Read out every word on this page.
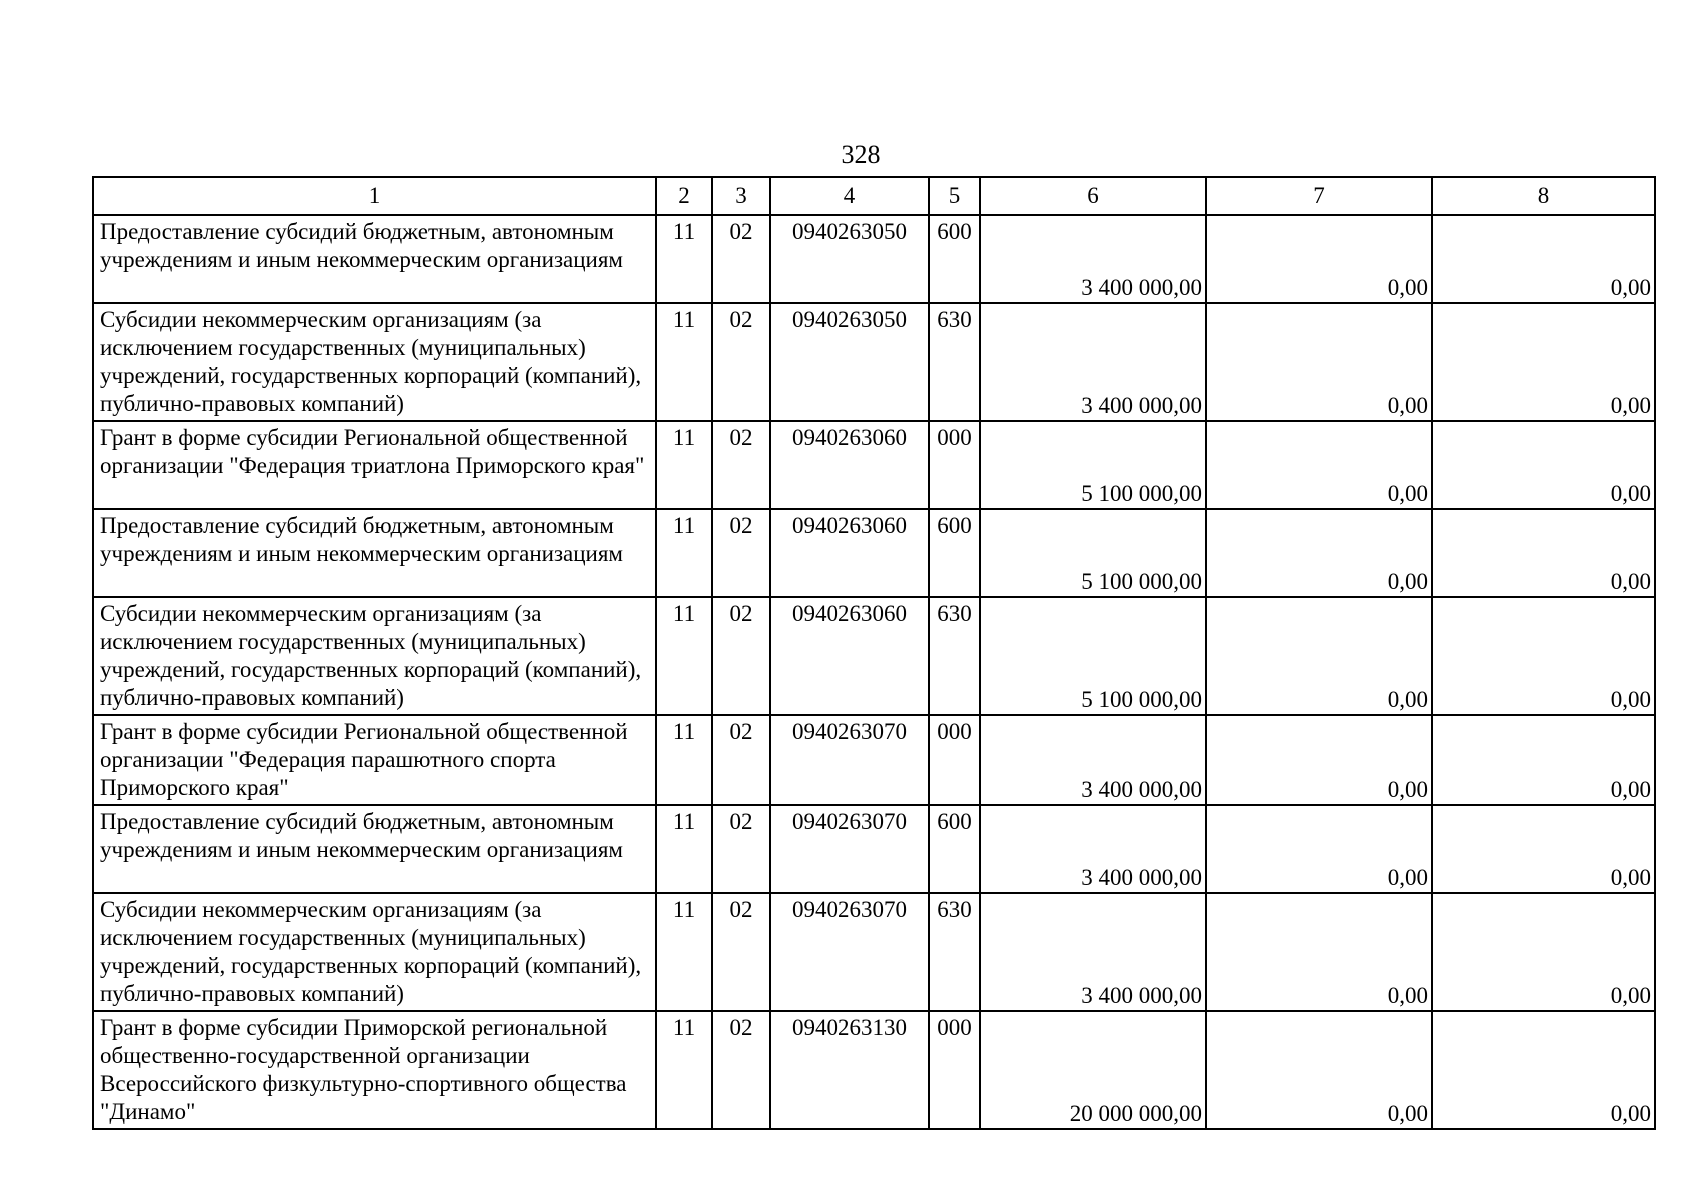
328
1	2	3	4	5	6	7	8
Предоставление субсидий бюджетным, автономным учреждениям и иным некоммерческим организациям	11	02	0940263050	600	3 400 000,00	0,00	0,00
Субсидии некоммерческим организациям (за исключением государственных (муниципальных) учреждений, государственных корпораций (компаний), публично-правовых компаний)	11	02	0940263050	630	3 400 000,00	0,00	0,00
Грант в форме субсидии Региональной общественной организации "Федерация триатлона Приморского края"	11	02	0940263060	000	5 100 000,00	0,00	0,00
Предоставление субсидий бюджетным, автономным учреждениям и иным некоммерческим организациям	11	02	0940263060	600	5 100 000,00	0,00	0,00
Субсидии некоммерческим организациям (за исключением государственных (муниципальных) учреждений, государственных корпораций (компаний), публично-правовых компаний)	11	02	0940263060	630	5 100 000,00	0,00	0,00
Грант в форме субсидии Региональной общественной организации "Федерация парашютного спорта Приморского края"	11	02	0940263070	000	3 400 000,00	0,00	0,00
Предоставление субсидий бюджетным, автономным учреждениям и иным некоммерческим организациям	11	02	0940263070	600	3 400 000,00	0,00	0,00
Субсидии некоммерческим организациям (за исключением государственных (муниципальных) учреждений, государственных корпораций (компаний), публично-правовых компаний)	11	02	0940263070	630	3 400 000,00	0,00	0,00
Грант в форме субсидии Приморской региональной общественно-государственной организации Всероссийского физкультурно-спортивного общества "Динамо"	11	02	0940263130	000	20 000 000,00	0,00	0,00
